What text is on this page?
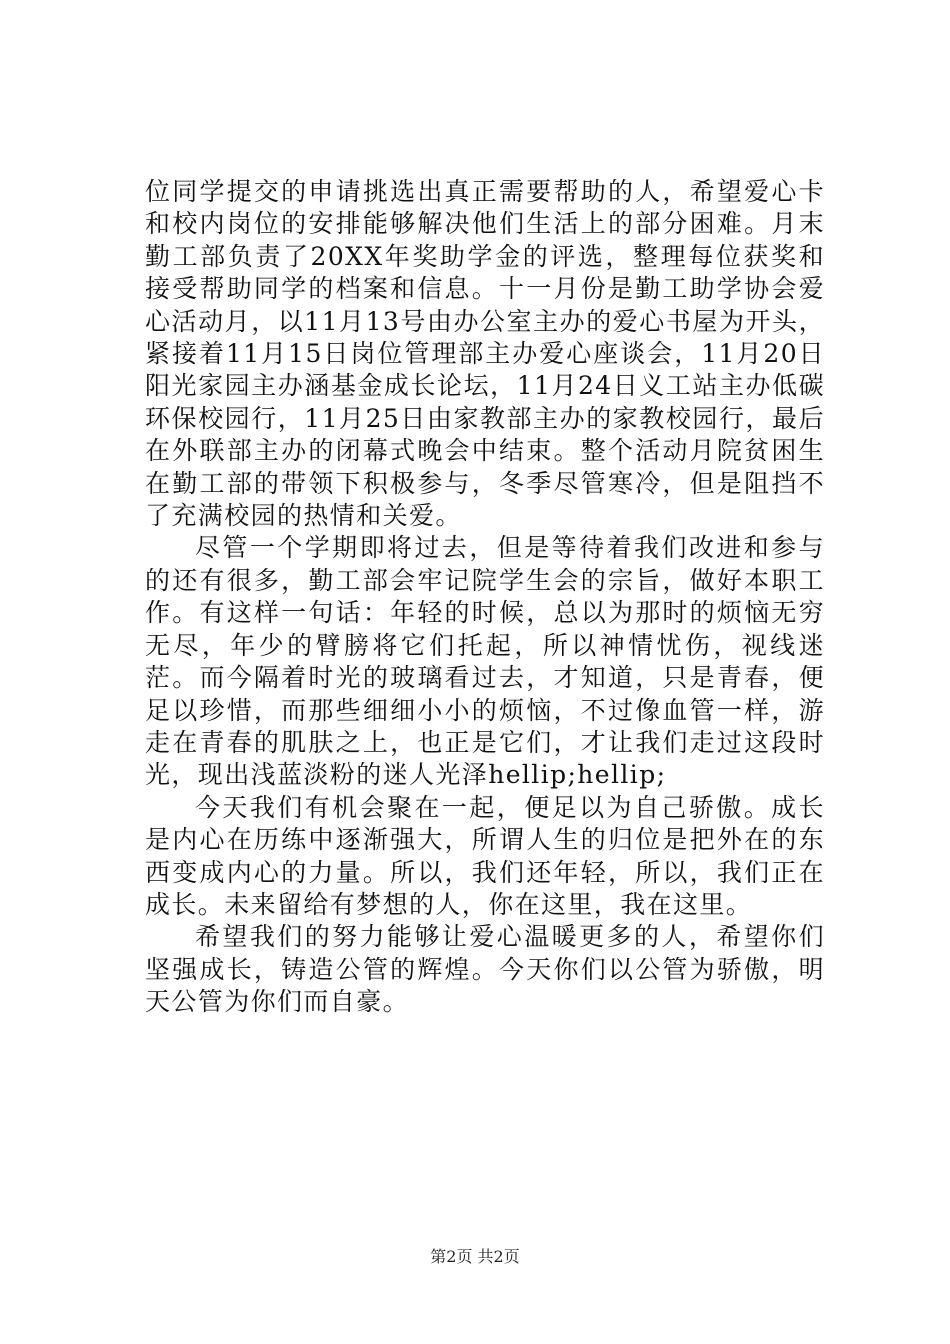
位同学提交的申请挑选出真正需要帮助的人，希望爱心卡和校内岗位的安排能够解决他们生活上的部分困难。月末勤工部负责了20XX年奖助学金的评选，整理每位获奖和接受帮助同学的档案和信息。十一月份是勤工助学协会爱心活动月，以11月13号由办公室主办的爱心书屋为开头，紧接着11月15日岗位管理部主办爱心座谈会，11月20日阳光家园主办涵基金成长论坛，11月24日义工站主办低碳环保校园行，11月25日由家教部主办的家教校园行，最后在外联部主办的闭幕式晚会中结束。整个活动月院贫困生在勤工部的带领下积极参与，冬季尽管寒冷，但是阻挡不了充满校园的热情和关爱。

尽管一个学期即将过去，但是等待着我们改进和参与的还有很多，勤工部会牢记院学生会的宗旨，做好本职工作。有这样一句话：年轻的时候，总以为那时的烦恼无穷无尽，年少的臂膀将它们托起，所以神情忧伤，视线迷茫。而今隔着时光的玻璃看过去，才知道，只是青春，便足以珍惜，而那些细细小小的烦恼，不过像血管一样，游走在青春的肌肤之上，也正是它们，才让我们走过这段时光，现出浅蓝淡粉的迷人光泽hellip;hellip;

今天我们有机会聚在一起，便足以为自己骄傲。成长是内心在历练中逐渐强大，所谓人生的归位是把外在的东西变成内心的力量。所以，我们还年轻，所以，我们正在成长。未来留给有梦想的人，你在这里，我在这里。

希望我们的努力能够让爱心温暖更多的人，希望你们坚强成长，铸造公管的辉煌。今天你们以公管为骄傲，明天公管为你们而自豪。

第2页 共2页
